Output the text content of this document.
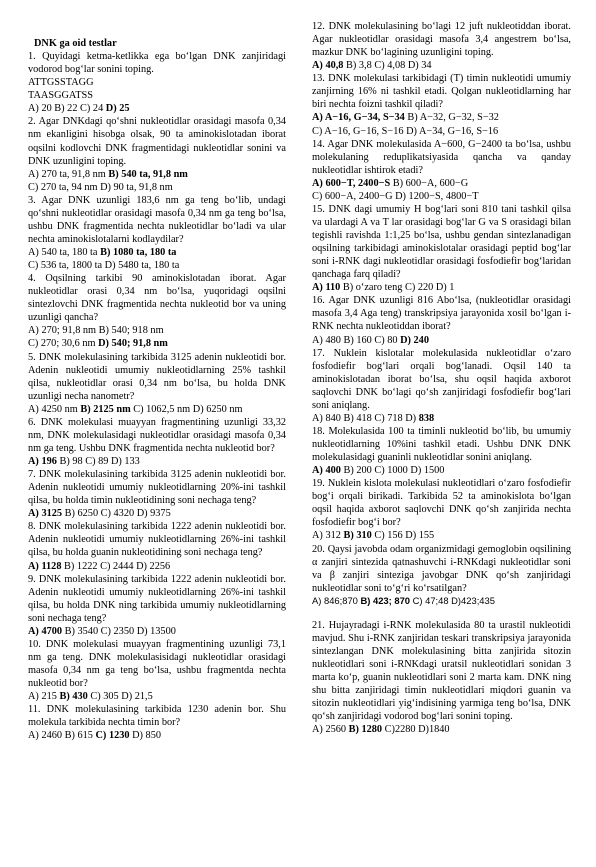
DNK ga oid testlar
1. Quyidagi ketma-ketlikka ega bo‘lgan DNK zanjiridagi vodorod bog‘lar sonini toping.
ATTGSSTAGG
TAASGGATSS
A) 20 B) 22 C) 24 D) 25
2. Agar DNKdagi qo‘shni nukleotidlar orasidagi masofa 0,34 nm ekanligini hisobga olsak, 90 ta aminokislotadan iborat oqsilni kodlovchi DNK fragmentidagi nukleotidlar sonini va DNK uzunligini toping.
A) 270 ta, 91,8 nm B) 540 ta, 91,8 nm
C) 270 ta, 94 nm D) 90 ta, 91,8 nm
3. Agar DNK uzunligi 183,6 nm ga teng bo‘lib, undagi qo‘shni nukleotidlar orasidagi masofa 0,34 nm ga teng bo‘lsa, ushbu DNK fragmentida nechta nukleotidlar bo‘ladi va ular nechta aminokislotalarni kodlaydilar?
A) 540 ta, 180 ta B) 1080 ta, 180 ta
C) 536 ta, 1800 ta D) 5480 ta, 180 ta
4. Oqsilning tarkibi 90 aminokislotadan iborat. Agar nukleotidlar orasi 0,34 nm bo‘lsa, yuqoridagi oqsilni sintezlovchi DNK fragmentida nechta nukleotid bor va uning uzunligi qancha?
A) 270; 91,8 nm B) 540; 918 nm
C) 270; 30,6 nm D) 540; 91,8 nm
5. DNK molekulasining tarkibida 3125 adenin nukleotidi bor. Adenin nukleotidi umumiy nukleotidlarning 25% tashkil qilsa, nukleotidlar orasi 0,34 nm bo‘lsa, bu holda DNK uzunligi necha nanometr?
A) 4250 nm B) 2125 nm C) 1062,5 nm D) 6250 nm
6. DNK molekulasi muayyan fragmentining uzunligi 33,32 nm, DNK molekulasidagi nukleotidlar orasidagi masofa 0,34 nm ga teng. Ushbu DNK fragmentida nechta nukleotid bor?
A) 196 B) 98 C) 89 D) 133
7. DNK molekulasining tarkibida 3125 adenin nukleotidi bor. Adenin nukleotidi umumiy nukleotidlarning 20%-ini tashkil qilsa, bu holda timin nukleotidining soni nechaga teng?
A) 3125 B) 6250 C) 4320 D) 9375
8. DNK molekulasining tarkibida 1222 adenin nukleotidi bor. Adenin nukleotidi umumiy nukleotidlarning 26%-ini tashkil qilsa, bu holda guanin nukleotidining soni nechaga teng?
A) 1128 B) 1222 C) 2444 D) 2256
9. DNK molekulasining tarkibida 1222 adenin nukleotidi bor. Adenin nukleotidi umumiy nukleotidlarning 26%-ini tashkil qilsa, bu holda DNK ning tarkibida umumiy nukleotidlarning soni nechaga teng?
A) 4700 B) 3540 C) 2350 D) 13500
10. DNK molekulasi muayyan fragmentining uzunligi 73,1 nm ga teng. DNK molekulasisidagi nukleotidlar orasidagi masofa 0,34 nm ga teng bo‘lsa, ushbu fragmentda nechta nukleotid bor?
A) 215 B) 430 C) 305 D) 21,5
11. DNK molekulasining tarkibida 1230 adenin bor. Shu molekula tarkibida nechta timin bor?
A) 2460 B) 615 C) 1230 D) 850
12. DNK molekulasining bo‘lagi 12 juft nukleotiddan iborat. Agar nukleotidlar orasidagi masofa 3,4 angestrem bo‘lsa, mazkur DNK bo‘lagining uzunligini toping.
A) 40,8 B) 3,8 C) 4,08 D) 34
13. DNK molekulasi tarkibidagi (T) timin nukleotidi umumiy zanjirning 16% ni tashkil etadi. Qolgan nukleotidlarning har biri nechta foizni tashkil qiladi?
A) A−16, G−34, S−34 B) A−32, G−32, S−32
C) A−16, G−16, S−16 D) A−34, G−16, S−16
14. Agar DNK molekulasida A−600, G−2400 ta bo‘lsa, ushbu molekulaning reduplikatsiyasida qancha va qanday nukleotidlar ishtirok etadi?
A) 600−T, 2400−S B) 600−A, 600−G
C) 600−A, 2400−G D) 1200−S, 4800−T
15. DNK dagi umumiy H bog‘lari soni 810 tani tashkil qilsa va ulardagi A va T lar orasidagi bog‘lar G va S orasidagi bilan tegishli ravishda 1:1,25 bo‘lsa, ushbu gendan sintezlanadigan oqsilning tarkibidagi aminokislotalar orasidagi peptid bog‘lar soni i-RNK dagi nukleotidlar orasidagi fosfodiefir bog‘laridan qanchaga farq qiladi?
A) 110 B) o‘zaro teng C) 220 D) 1
16. Agar DNK uzunligi 816 Abo‘lsa, (nukleotidlar orasidagi masofa 3,4 Aga teng) transkripsiya jarayonida xosil bo‘lgan i- RNK nechta nukleotiddan iborat?
A) 480 B) 160 C) 80 D) 240
17. Nuklein kislotalar molekulasida nukleotidlar o‘zaro fosfodiefir bog‘lari orqali bog‘lanadi. Oqsil 140 ta aminokislotadan iborat bo‘lsa, shu oqsil haqida axborot saqlovchi DNK bo‘lagi qo‘sh zanjiridagi fosfodiefir bog‘lari soni aniqlang.
A) 840 B) 418 C) 718 D) 838
18. Molekulasida 100 ta timinli nukleotid bo‘lib, bu umumiy nukleotidlarning 10%ini tashkil etadi. Ushbu DNK DNK molekulasidagi guaninli nukleotidlar sonini aniqlang.
A) 400 B) 200 C) 1000 D) 1500
19. Nuklein kislota molekulasi nukleotidlari o‘zaro fosfodiefir bog‘i orqali birikadi. Tarkibida 52 ta aminokislota bo‘lgan oqsil haqida axborot saqlovchi DNK qo‘sh zanjirida nechta fosfodiefir bog‘i bor?
A) 312 B) 310 C) 156 D) 155
20. Qaysi javobda odam organizmidagi gemoglobin oqsilining α zanjiri sintezida qatnashuvchi i-RNKdagi nukleotidlar soni va β zanjiri sinteziga javobgar DNK qo‘sh zanjiridagi nukleotidlar soni to‘g‘ri ko‘rsatilgan?
A) 846;870 B) 423; 870 C) 47;48 D)423;435
21. Hujayradagi i-RNK molekulasida 80 ta urastil nukleotidi mavjud. Shu i-RNK zanjiridan teskari transkripsiya jarayonida sintezlangan DNK molekulasining bitta zanjirida sitozin nukleotidlari soni i-RNKdagi uratsil nukleotidlari sonidan 3 marta ko‘p, guanin nukleotidlari soni 2 marta kam. DNK ning shu bitta zanjiridagi timin nukleotidlari miqdori guanin va sitozin nukleotidlari yig‘indisining yarmiga teng bo‘lsa, DNK qo‘sh zanjiridagi vodorod bog‘lari sonini toping.
A) 2560 B) 1280 C)2280 D)1840
